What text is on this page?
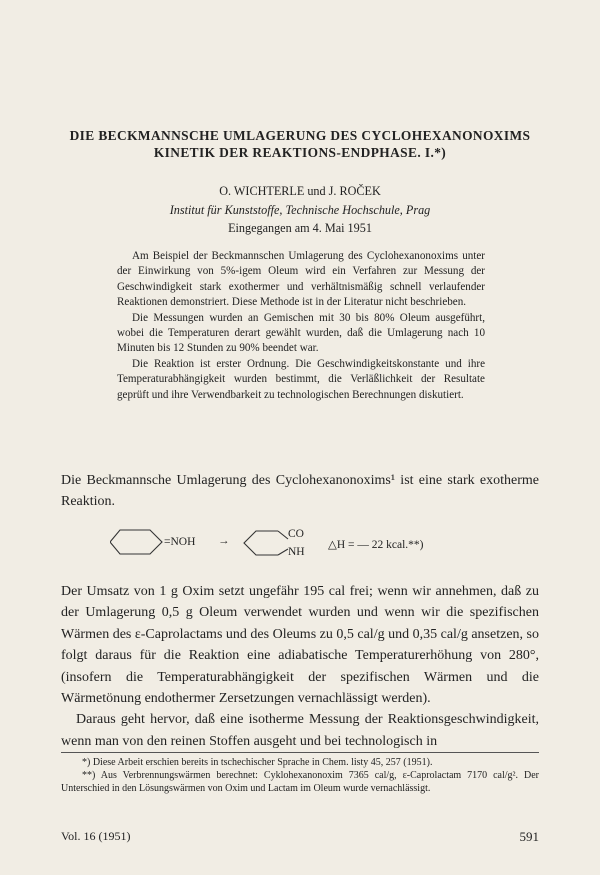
DIE BECKMANNSCHE UMLAGERUNG DES CYCLOHEXANONOXIMS
KINETIK DER REAKTIONS-ENDPHASE. I.*)
O. WICHTERLE und J. ROČEK
Institut für Kunststoffe, Technische Hochschule, Prag
Eingegangen am 4. Mai 1951

Am Beispiel der Beckmannschen Umlagerung des Cyclohexanonoxims unter der Einwirkung von 5%-igem Oleum wird ein Verfahren zur Messung der Geschwindigkeit stark exothermer und verhältnismäßig schnell verlaufender Reaktionen demonstriert. Diese Methode ist in der Literatur nicht beschrieben.

Die Messungen wurden an Gemischen mit 30 bis 80% Oleum ausgeführt, wobei die Temperaturen derart gewählt wurden, daß die Umlagerung nach 10 Minuten bis 12 Stunden zu 90% beendet war.

Die Reaktion ist erster Ordnung. Die Geschwindigkeitskonstante und ihre Temperaturabhängigkeit wurden bestimmt, die Verläßlichkeit der Resultate geprüft und ihre Verwendbarkeit zu technologischen Berechnungen diskutiert.

Die Beckmannsche Umlagerung des Cyclohexanonoxims¹ ist eine stark exotherme Reaktion.

=NOH →
CO
NH
△H = — 22 kcal.**)

Der Umsatz von 1 g Oxim setzt ungefähr 195 cal frei; wenn wir annehmen, daß zu der Umlagerung 0,5 g Oleum verwendet wurden und wenn wir die spezifischen Wärmen des ε-Caprolactams und des Oleums zu 0,5 cal/g und 0,35 cal/g ansetzen, so folgt daraus für die Reaktion eine adiabatische Temperaturerhöhung von 280°, (insofern die Temperaturabhängigkeit der spezifischen Wärmen und die Wärmetönung endothermer Zersetzungen vernachlässigt werden).

Daraus geht hervor, daß eine isotherme Messung der Reaktionsgeschwindigkeit, wenn man von den reinen Stoffen ausgeht und bei technologisch in

*) Diese Arbeit erschien bereits in tschechischer Sprache in Chem. listy 45, 257 (1951).

**) Aus Verbrennungswärmen berechnet: Cyklohexanonoxim 7365 cal/g, ε-Caprolactam 7170 cal/g². Der Unterschied in den Lösungswärmen von Oxim und Lactam im Oleum wurde vernachlässigt.

Vol. 16 (1951)	591
